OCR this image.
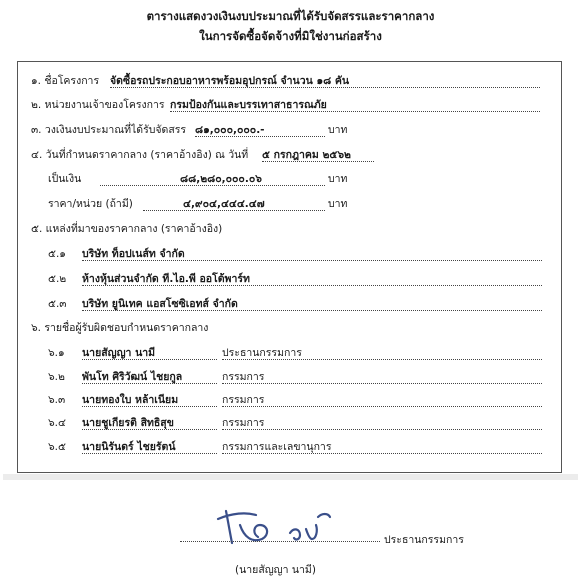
ตารางแสดงวงเงินงบประมาณที่ได้รับจัดสรรและราคากลาง
ในการจัดซื้อจัดจ้างที่มิใช่งานก่อสร้าง
๑. ชื่อโครงการ จัดซื้อรถประกอบอาหารพร้อมอุปกรณ์ จำนวน ๑๘ คัน
๒. หน่วยงานเจ้าของโครงการ กรมป้องกันและบรรเทาสาธารณภัย
๓. วงเงินงบประมาณที่ได้รับจัดสรร ๘๑,๐๐๐,๐๐๐.-	บาท
๔. วันที่กำหนดราคากลาง (ราคาอ้างอิง) ณ วันที่ ๕ กรกฎาคม ๒๕๖๒
เป็นเงิน	๘๘,๒๘๐,๐๐๐.๐๖	บาท
ราคา/หน่วย (ถ้ามี)	๔,๙๐๔,๔๔๔.๔๗	บาท
๕. แหล่งที่มาของราคากลาง (ราคาอ้างอิง)
๕.๑ บริษัท ท็อปเนส์ท จำกัด
๕.๒ ห้างหุ้นส่วนจำกัด ที.ไอ.พี ออโต้พาร์ท
๕.๓ บริษัท ยูนิเทค แอสโซซิเอทส์ จำกัด
๖. รายชื่อผู้รับผิดชอบกำหนดราคากลาง
๖.๑ นายสัญญา นามี	ประธานกรรมการ
๖.๒ พันโท ศิริวัฒน์ ไชยกูล	กรรมการ
๖.๓ นายทองใบ หล้าเนียม	กรรมการ
๖.๔ นายชูเกียรติ สิทธิสุข	กรรมการ
๖.๕ นายนิรันดร์ ไชยรัตน์	กรรมการและเลขานุการ
ประธานกรรมการ
(นายสัญญา นามี)
